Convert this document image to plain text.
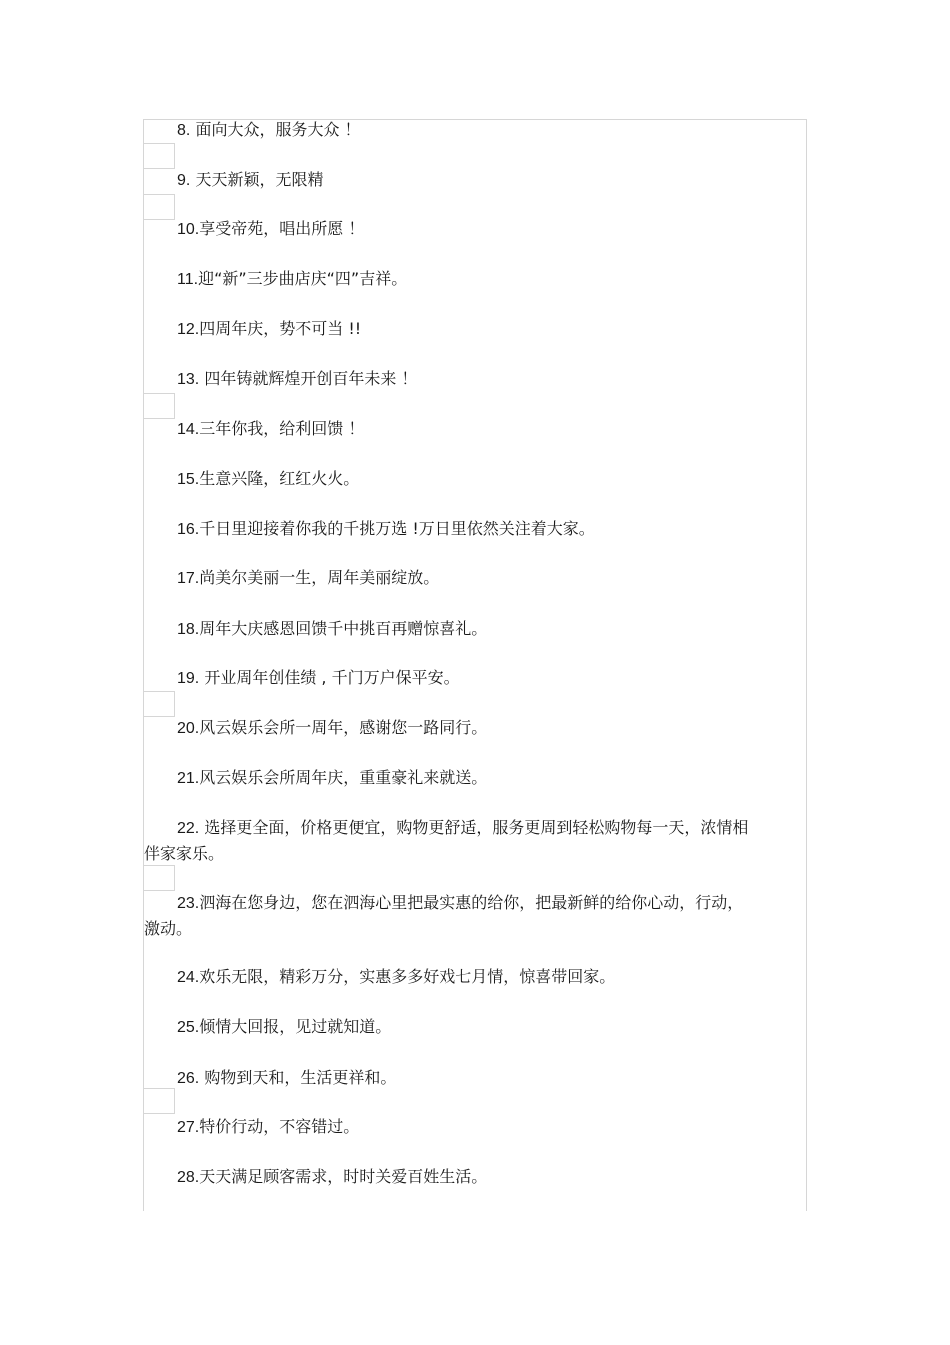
8. 面向大众，服务大众 ！
9. 天天新颖，无限精
10.享受帝苑，唱出所愿 ！
11.迎“新”三步曲店庆“四”吉祥。
12.四周年庆，势不可当 !!
13. 四年铸就辉煌开创百年未来 ！
14.三年你我，给利回馈 ！
15.生意兴隆，红红火火。
16.千日里迎接着你我的千挑万选 !万日里依然关注着大家。
17.尚美尔美丽一生，周年美丽绽放。
18.周年大庆感恩回馈千中挑百再赠惊喜礼。
19. 开业周年创佳绩 , 千门万户保平安。
20.风云娱乐会所一周年，感谢您一路同行。
21.风云娱乐会所周年庆，重重豪礼来就送。
22. 选择更全面，价格更便宜，购物更舒适，服务更周到轻松购物每一天，浓情相伴家家乐。
23.泗海在您身边，您在泗海心里把最实惠的给你，把最新鲜的给你心动，行动，激动。
24.欢乐无限，精彩万分，实惠多多好戏七月情，惊喜带回家。
25.倾情大回报，见过就知道。
26. 购物到天和，生活更祥和。
27.特价行动，不容错过。
28.天天满足顾客需求，时时关爱百姓生活。
